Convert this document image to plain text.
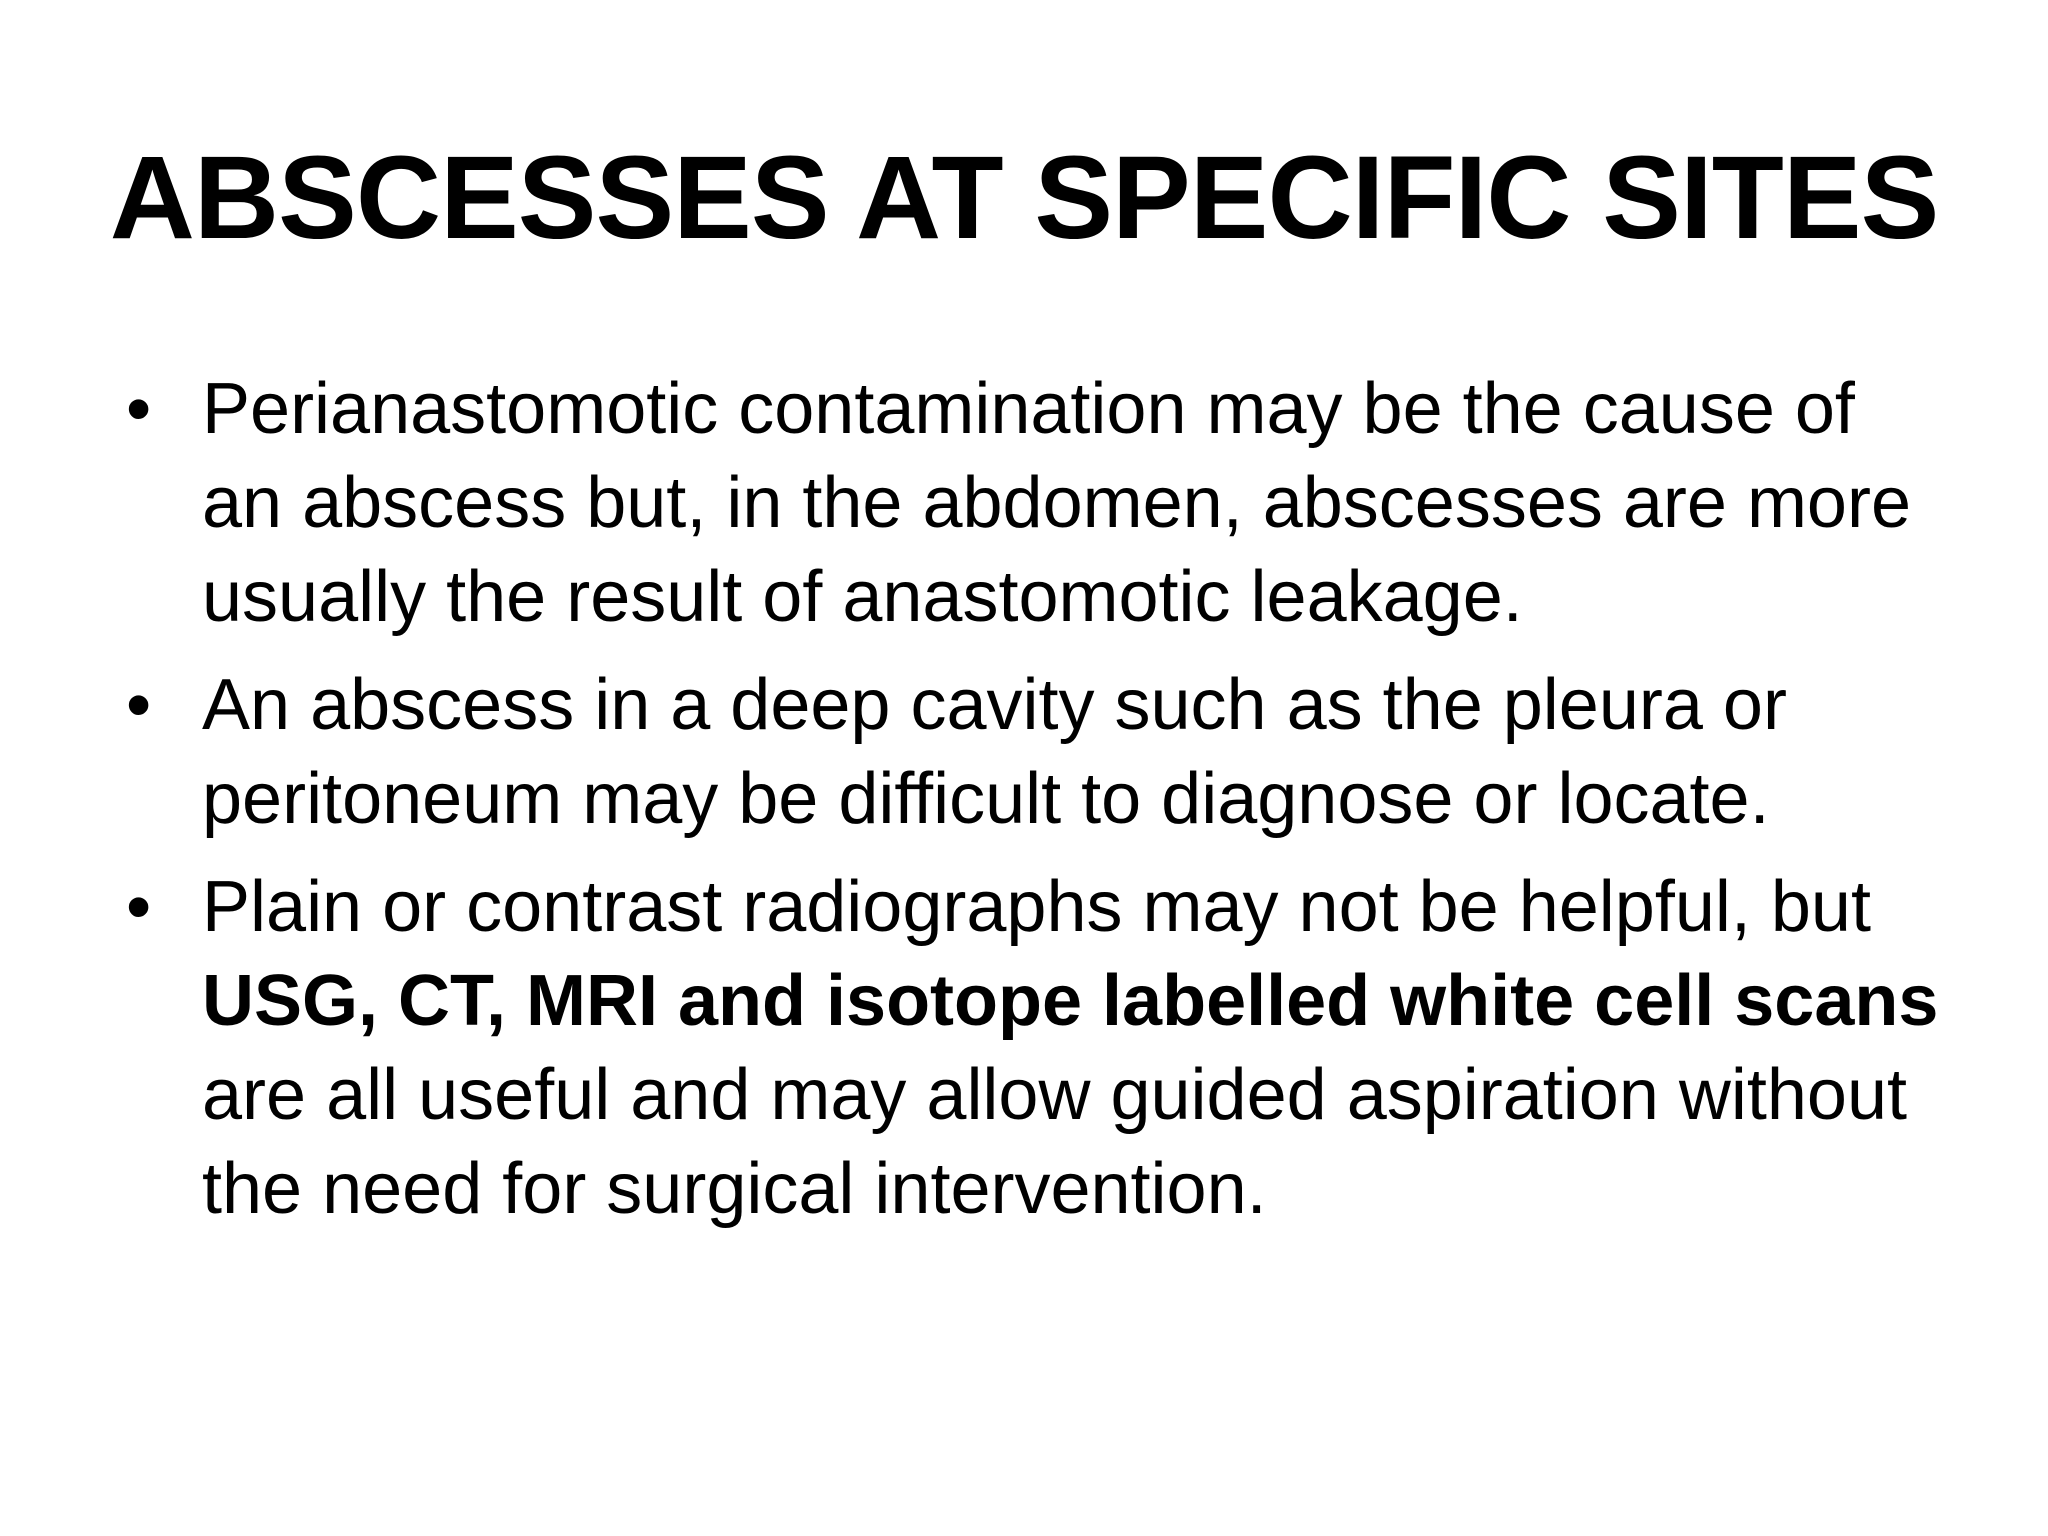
ABSCESSES AT SPECIFIC SITES
• Perianastomotic contamination may be the cause of an abscess but, in the abdomen, abscesses are more usually the result of anastomotic leakage.
• An abscess in a deep cavity such as the pleura or peritoneum may be difficult to diagnose or locate.
• Plain or contrast radiographs may not be helpful, but USG, CT, MRI and isotope labelled white cell scans are all useful and may allow guided aspiration without the need for surgical intervention.
